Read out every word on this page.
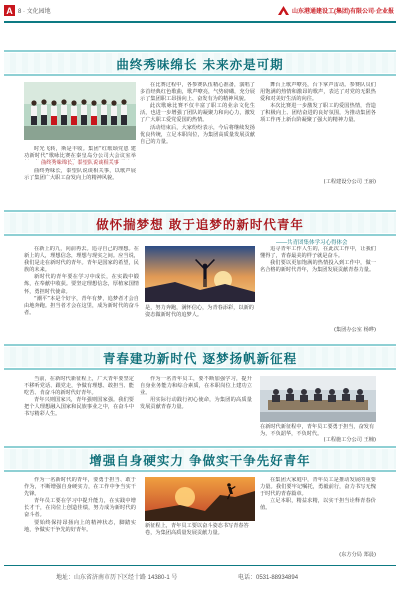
A 8 · 文化园地	山东港通建设工(集团)有限公司·企业报
曲终秀味绵长 未来亦是可期

时光飞转，斯是丰收。集团“红歌颂党恩 建功新时代”歌咏比赛在秦皇岛分公司大会议室举

曲终秀味绵长，泰望队说谈相关事

曲终秀味长，泰望队说谈相关事，以歌声展示了集团广大职工奋发向上的精神风貌。

在比赛过程中，各参赛队伍精心准备，演唱了多首经典红色歌曲，歌声嘹亮，气势磅礴，充分展示了集团职工昂扬向上、奋发有为的精神风貌。

此次歌咏比赛不仅丰富了职工的业余文化生活，也进一步增强了团队的凝聚力和向心力，激发了广大职工爱党爱国的热情。

活动结束后，大家纷纷表示，今后将继续发扬优良传统，立足本职岗位，为集团高质量发展贡献自己的力量。

舞台上歌声嘹亮，台下掌声雷动。参赛队员们用饱满的热情和激昂的歌声，表达了对党的无限热爱和对美好生活的向往。

本次比赛进一步激发了职工的爱国热情，营造了积极向上、团结奋进的良好氛围，为推动集团各项工作再上新台阶凝聚了强大的精神力量。

(工程建设分公司 王丽)
做怀揣梦想 敢于追梦的新时代青年
——共青团集体学习心得体会

在新上的九，向前再去。追寻自己的理想。在新上的人，理想信念，理想与现实之间。应当说，我们是走在新时代的青年。青年是国家的希望，民族的未来。

新时代的青年要在学习中成长，在实践中锻炼，在奉献中收获。要坚定理想信念，厚植家国情怀，勇担时代使命。

“潮平”本是个好字，青年有梦，追梦者才会自由地奔跑。担当者才会在这里，成为新时代的奋斗者。

是，努力奔跑，满怀信心，为青春添彩，以新的姿态做新时代的追梦人。

追寻青年工作人生的，在此次工作中，让我们懂得了，青春最美的样子就是奋斗。

我们要以更加饱满的热情投入到工作中，做一名合格的新时代青年，为集团发展贡献青春力量。

(集团办公室 杨晔)
青春建功新时代 逐梦扬帆新征程

当前，在新时代新征程上，广大青年要坚定不移听党话、跟党走，争做有理想、敢担当、能吃苦、肯奋斗的新时代好青年。

青年兴则国家兴，青年强则国家强。我们要把个人理想融入国家和民族事业之中，在奋斗中书写精彩人生。

作为一名青年员工，要不断加强学习，提升自身业务能力和综合素质，在本职岗位上建功立业。

用实际行动践行初心使命，为集团的高质量发展贡献青春力量。

在新时代新征程中，青年员工要勇于担当，奋发有为，不负韶华，不负时代。
(工程施工分公司 王楠)
增强自身硬实力 争做实干争先好青年

作为一名新时代的青年，要勇于担当、敢于作为，不断增强自身硬实力，在工作中争当实干先锋。

青年员工要在学习中提升能力，在实践中增长才干，在岗位上创造佳绩，努力成为新时代的奋斗者。

要始终保持昂扬向上的精神状态，脚踏实地，争做实干争先的好青年。

新征程上，青年员工要以奋斗姿态书写青春答卷，为集团高质量发展贡献力量。

在集团大家庭中，青年员工是推动发展的重要力量。我们要牢记嘱托，勇毅前行，奋力书写无愧于时代的青春篇章。

立足本职，精益求精，以实干担当诠释青春价值。

(东方分局 郑晨)
地址：山东省济南市历下区经十路 14380-1 号	电话：0531-88934894
